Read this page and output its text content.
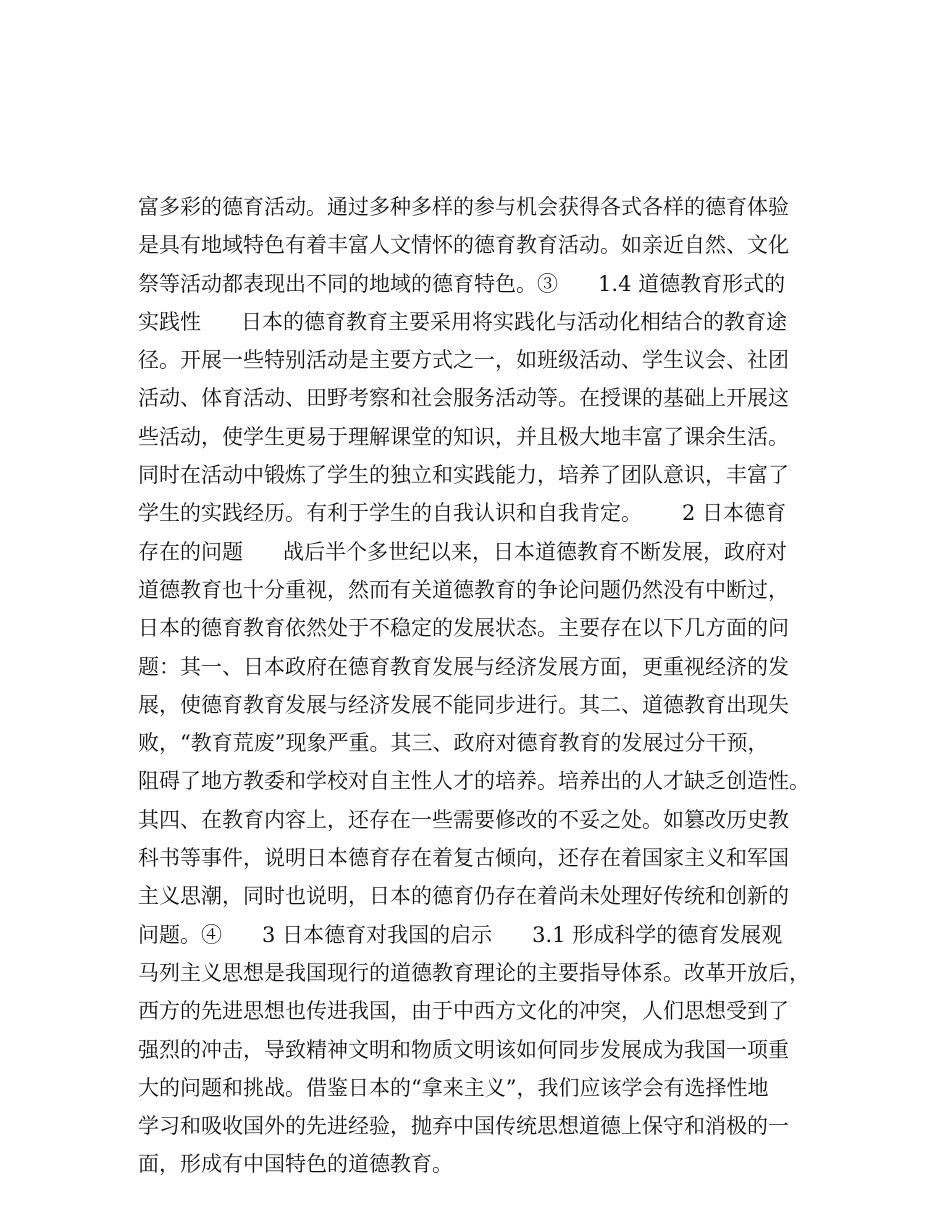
富多彩的德育活动。通过多种多样的参与机会获得各式各样的德育体验

是具有地域特色有着丰富人文情怀的德育教育活动。如亲近自然、文化

祭等活动都表现出不同的地域的德育特色。③      1.4 道德教育形式的

实践性      日本的德育教育主要采用将实践化与活动化相结合的教育途

径。开展一些特别活动是主要方式之一，如班级活动、学生议会、社团

活动、体育活动、田野考察和社会服务活动等。在授课的基础上开展这

些活动，使学生更易于理解课堂的知识，并且极大地丰富了课余生活。

同时在活动中锻炼了学生的独立和实践能力，培养了团队意识，丰富了

学生的实践经历。有利于学生的自我认识和自我肯定。      2 日本德育

存在的问题      战后半个多世纪以来，日本道德教育不断发展，政府对

道德教育也十分重视，然而有关道德教育的争论问题仍然没有中断过，

日本的德育教育依然处于不稳定的发展状态。主要存在以下几方面的问

题：其一、日本政府在德育教育发展与经济发展方面，更重视经济的发

展，使德育教育发展与经济发展不能同步进行。其二、道德教育出现失

败，“教育荒废”现象严重。其三、政府对德育教育的发展过分干预，

阻碍了地方教委和学校对自主性人才的培养。培养出的人才缺乏创造性。

其四、在教育内容上，还存在一些需要修改的不妥之处。如篡改历史教

科书等事件，说明日本德育存在着复古倾向，还存在着国家主义和军国

主义思潮，同时也说明，日本的德育仍存在着尚未处理好传统和创新的

问题。④      3 日本德育对我国的启示      3.1 形成科学的德育发展观

马列主义思想是我国现行的道德教育理论的主要指导体系。改革开放后，

西方的先进思想也传进我国，由于中西方文化的冲突，人们思想受到了

强烈的冲击，导致精神文明和物质文明该如何同步发展成为我国一项重

大的问题和挑战。借鉴日本的“拿来主义”，我们应该学会有选择性地

学习和吸收国外的先进经验，抛弃中国传统思想道德上保守和消极的一

面，形成有中国特色的道德教育。
